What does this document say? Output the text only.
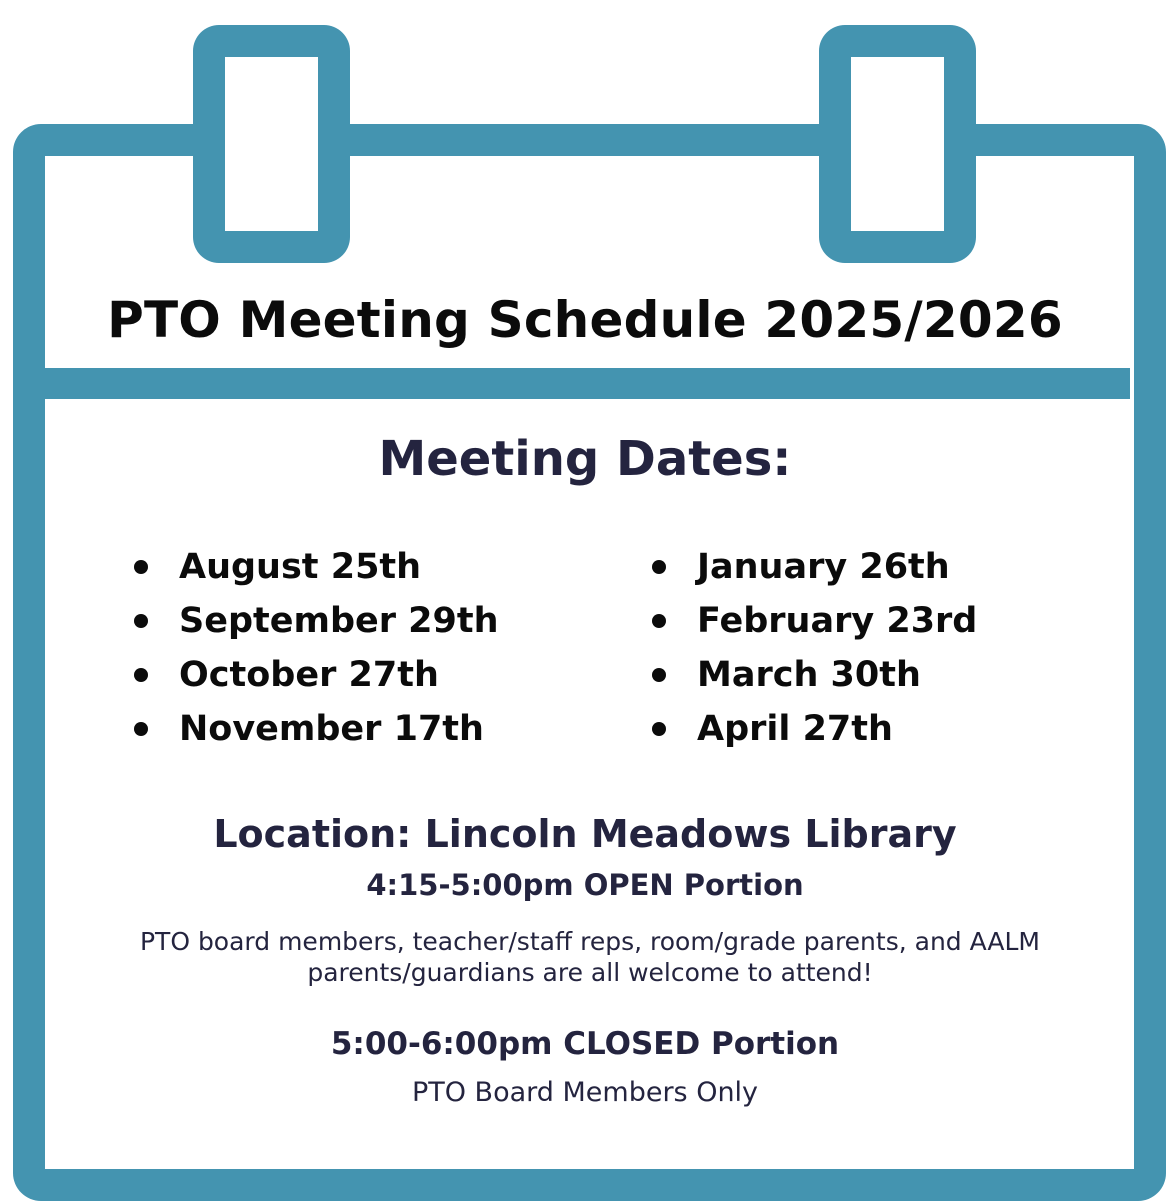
PTO Meeting Schedule 2025/2026
Meeting Dates:
August 25th
September 29th
October 27th
November 17th
January 26th
February 23rd
March 30th
April 27th
Location: Lincoln Meadows Library
4:15-5:00pm OPEN Portion
PTO board members, teacher/staff reps, room/grade parents, and AALM parents/guardians are all welcome to attend!
5:00-6:00pm CLOSED Portion
PTO Board Members Only
